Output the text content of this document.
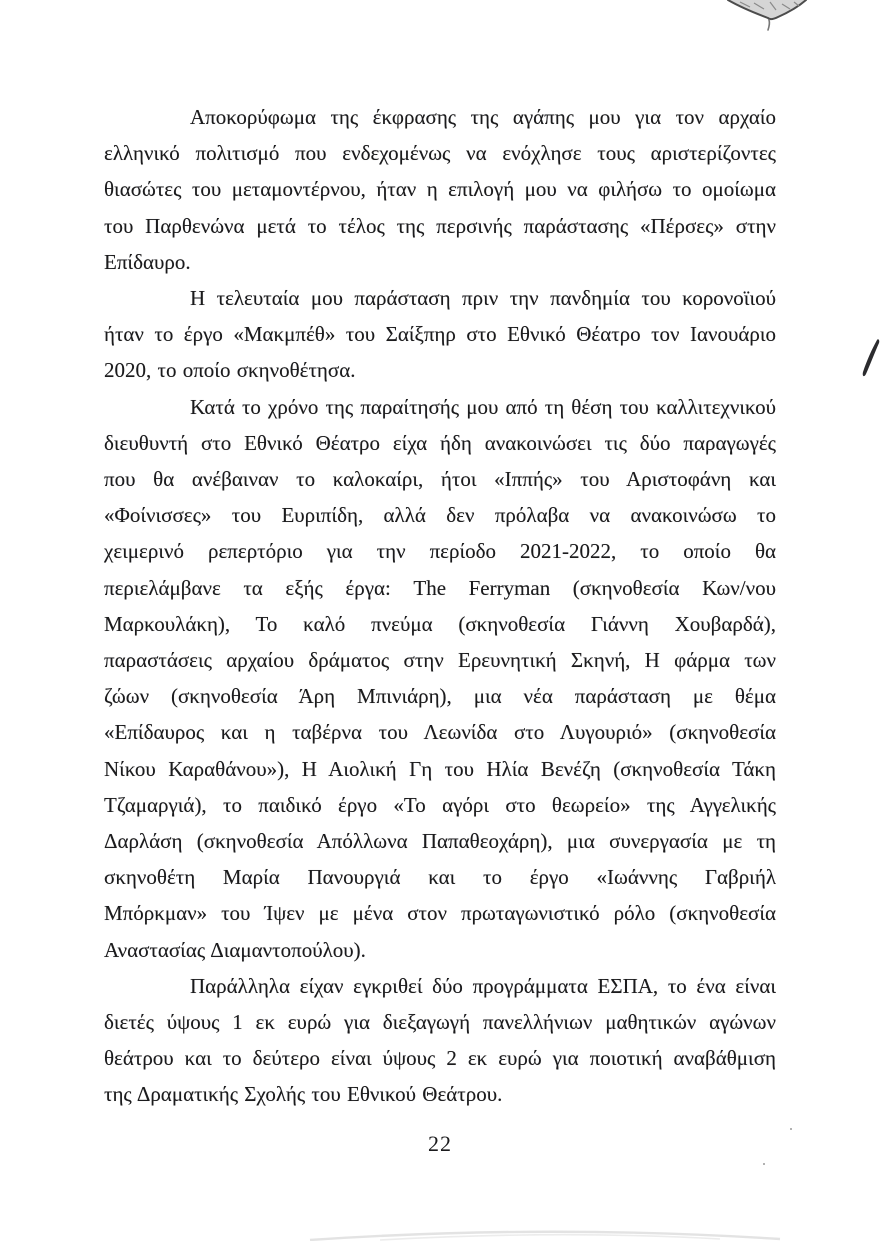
Αποκορύφωμα της έκφρασης της αγάπης μου για τον αρχαίο
ελληνικό πολιτισμό που ενδεχομένως να ενόχλησε τους αριστερίζοντες
θιασώτες του μεταμοντέρνου, ήταν η επιλογή μου να φιλήσω το ομοίωμα
του Παρθενώνα μετά το τέλος της περσινής παράστασης «Πέρσες» στην
Επίδαυρο.

Η τελευταία μου παράσταση πριν την πανδημία του κορονοϊιού
ήταν το έργο «Μακμπέθ» του Σαίξπηρ στο Εθνικό Θέατρο τον Ιανουάριο
2020, το οποίο σκηνοθέτησα.

Κατά το χρόνο της παραίτησής μου από τη θέση του καλλιτεχνικού
διευθυντή στο Εθνικό Θέατρο είχα ήδη ανακοινώσει τις δύο παραγωγές
που θα ανέβαιναν το καλοκαίρι, ήτοι «Ιππής» του Αριστοφάνη και
«Φοίνισσες» του Ευριπίδη, αλλά δεν πρόλαβα να ανακοινώσω το
χειμερινό ρεπερτόριο για την περίοδο 2021-2022, το οποίο θα
περιελάμβανε τα εξής έργα: The Ferryman (σκηνοθεσία Κων/νου
Μαρκουλάκη), Το καλό πνεύμα (σκηνοθεσία Γιάννη Χουβαρδά),
παραστάσεις αρχαίου δράματος στην Ερευνητική Σκηνή, Η φάρμα των
ζώων (σκηνοθεσία Άρη Μπινιάρη), μια νέα παράσταση με θέμα
«Επίδαυρος και η ταβέρνα του Λεωνίδα στο Λυγουριό» (σκηνοθεσία
Νίκου Καραθάνου»), Η Αιολική Γη του Ηλία Βενέζη (σκηνοθεσία Τάκη
Τζαμαργιά), το παιδικό έργο «Το αγόρι στο θεωρείο» της Αγγελικής
Δαρλάση (σκηνοθεσία Απόλλωνα Παπαθεοχάρη), μια συνεργασία με τη
σκηνοθέτη Μαρία Πανουργιά και το έργο «Ιωάννης Γαβριήλ
Μπόρκμαν» του Ίψεν με μένα στον πρωταγωνιστικό ρόλο (σκηνοθεσία
Αναστασίας Διαμαντοπούλου).

Παράλληλα είχαν εγκριθεί δύο προγράμματα ΕΣΠΑ, το ένα είναι
διετές ύψους 1 εκ ευρώ για διεξαγωγή πανελλήνιων μαθητικών αγώνων
θεάτρου και το δεύτερο είναι ύψους 2 εκ ευρώ για ποιοτική αναβάθμιση
της Δραματικής Σχολής του Εθνικού Θεάτρου.

22
